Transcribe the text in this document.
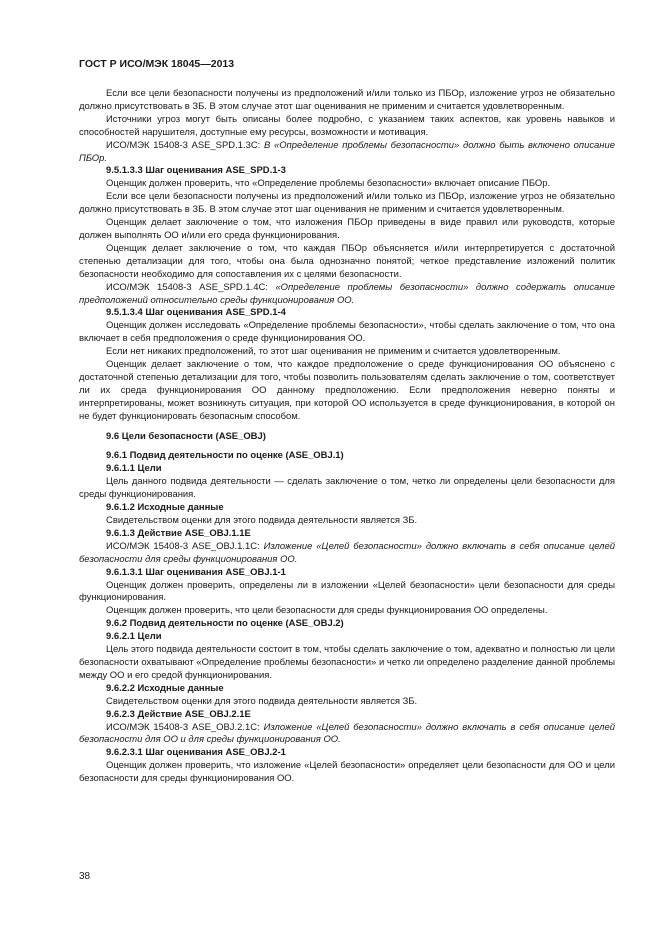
ГОСТ Р ИСО/МЭК 18045—2013

Если все цели безопасности получены из предположений и/или только из ПБОр, изложение угроз не обязательно должно присутствовать в ЗБ. В этом случае этот шаг оценивания не применим и считается удовлетворенным.

Источники угроз могут быть описаны более подробно, с указанием таких аспектов, как уровень навыков и способностей нарушителя, доступные ему ресурсы, возможности и мотивация.

ИСО/МЭК 15408-3 ASE_SPD.1.3С: В «Определение проблемы безопасности» должно быть включено описание ПБОр.

9.5.1.3.3 Шаг оценивания ASE_SPD.1-3

Оценщик должен проверить, что «Определение проблемы безопасности» включает описание ПБОр.

Если все цели безопасности получены из предположений и/или только из ПБОр, изложение угроз не обязательно должно присутствовать в ЗБ. В этом случае этот шаг оценивания не применим и считается удовлетворенным.

Оценщик делает заключение о том, что изложения ПБОр приведены в виде правил или руководств, которые должен выполнять ОО и/или его среда функционирования.

Оценщик делает заключение о том, что каждая ПБОр объясняется и/или интерпретируется с достаточной степенью детализации для того, чтобы она была однозначно понятой; четкое представление изложений политик безопасности необходимо для сопоставления их с целями безопасности.

ИСО/МЭК 15408-3 ASE_SPD.1.4С: «Определение проблемы безопасности» должно содержать описание предположений относительно среды функционирования ОО.

9.5.1.3.4 Шаг оценивания ASE_SPD.1-4

Оценщик должен исследовать «Определение проблемы безопасности», чтобы сделать заключение о том, что она включает в себя предположения о среде функционирования ОО.

Если нет никаких предположений, то этот шаг оценивания не применим и считается удовлетворенным.

Оценщик делает заключение о том, что каждое предположение о среде функционирования ОО объяснено с достаточной степенью детализации для того, чтобы позволить пользователям сделать заключение о том, соответствует ли их среда функционирования ОО данному предположению. Если предположения неверно поняты и интерпретированы, может возникнуть ситуация, при которой ОО используется в среде функционирования, в которой он не будет функционировать безопасным способом.

9.6 Цели безопасности (ASE_OBJ)

9.6.1 Подвид деятельности по оценке (ASE_OBJ.1)

9.6.1.1 Цели

Цель данного подвида деятельности — сделать заключение о том, четко ли определены цели безопасности для среды функционирования.

9.6.1.2 Исходные данные

Свидетельством оценки для этого подвида деятельности является ЗБ.

9.6.1.3 Действие ASE_OBJ.1.1E

ИСО/МЭК 15408-3 ASE_OBJ.1.1С: Изложение «Целей безопасности» должно включать в себя описание целей безопасности для среды функционирования ОО.

9.6.1.3.1 Шаг оценивания ASE_OBJ.1-1

Оценщик должен проверить, определены ли в изложении «Целей безопасности» цели безопасности для среды функционирования.

Оценщик должен проверить, что цели безопасности для среды функционирования ОО определены.

9.6.2 Подвид деятельности по оценке (ASE_OBJ.2)

9.6.2.1 Цели

Цель этого подвида деятельности состоит в том, чтобы сделать заключение о том, адекватно и полностью ли цели безопасности охватывают «Определение проблемы безопасности» и четко ли определено разделение данной проблемы между ОО и его средой функционирования.

9.6.2.2 Исходные данные

Свидетельством оценки для этого подвида деятельности является ЗБ.

9.6.2.3 Действие ASE_OBJ.2.1E

ИСО/МЭК 15408-3 ASE_OBJ.2.1С: Изложение «Целей безопасности» должно включать в себя описание целей безопасности для ОО и для среды функционирования ОО.

9.6.2.3.1 Шаг оценивания ASE_OBJ.2-1

Оценщик должен проверить, что изложение «Целей безопасности» определяет цели безопасности для ОО и цели безопасности для среды функционирования ОО.

38
